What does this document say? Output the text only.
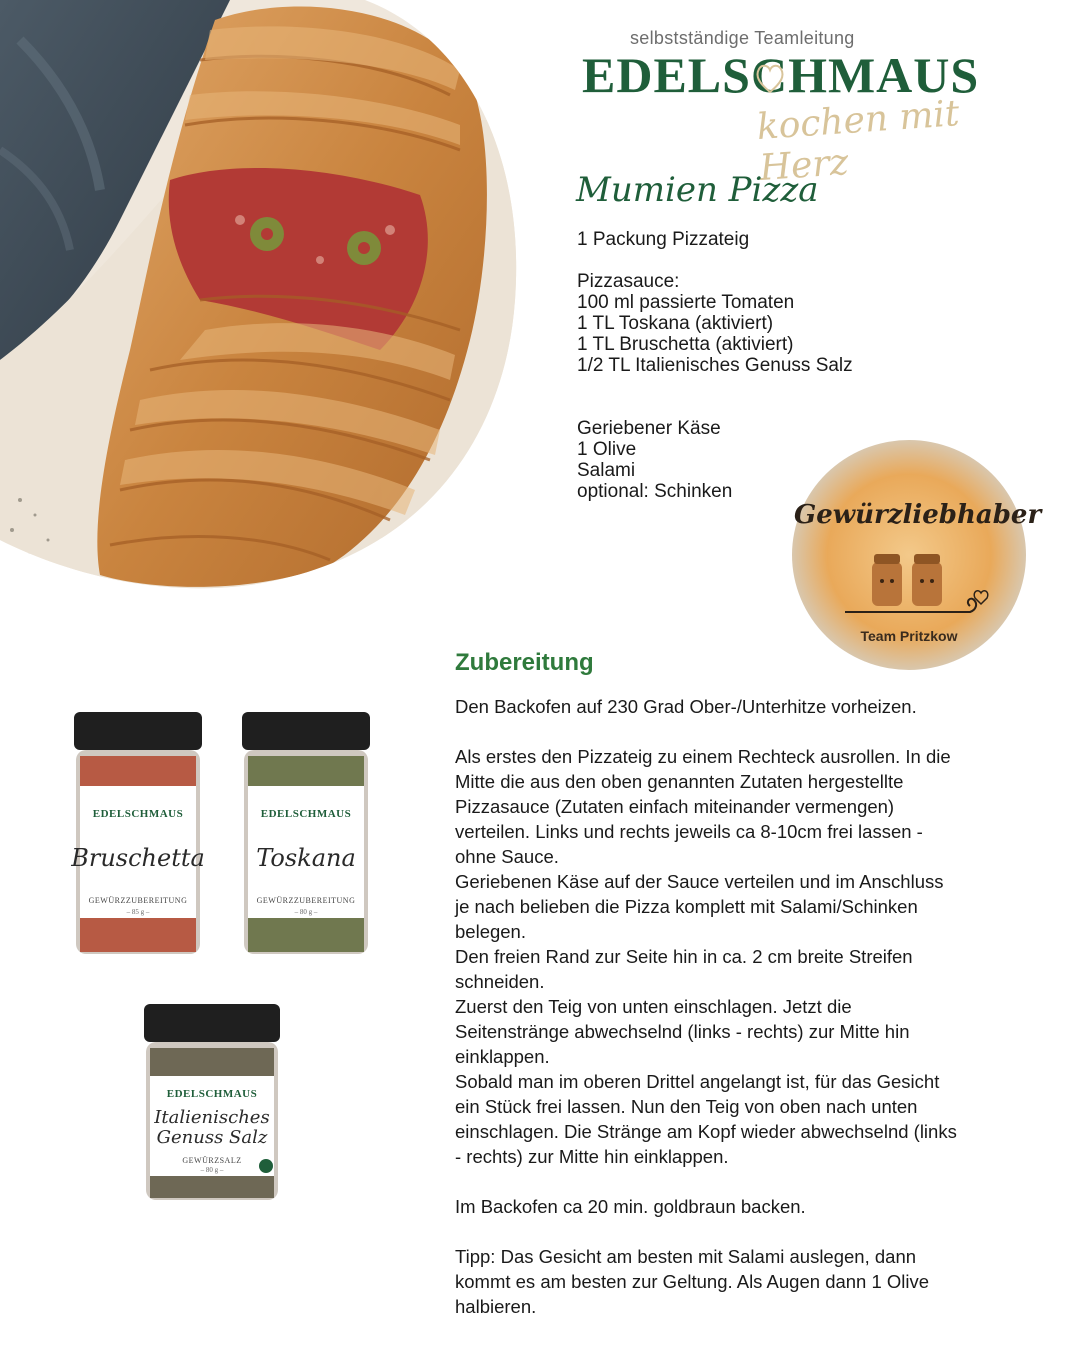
selbstständige Teamleitung
EDELSCHMAUS
kochen mit Herz
Mumien Pizza
1 Packung Pizzateig
Pizzasauce:
100 ml passierte Tomaten
1 TL Toskana (aktiviert)
1 TL Bruschetta (aktiviert)
1/2 TL Italienisches Genuss Salz
Geriebener Käse
1 Olive
Salami
optional: Schinken
Gewürzliebhaber
Team Pritzkow
EDELSCHMAUS
Bruschetta
GEWÜRZZUBEREITUNG
– 85 g –
EDELSCHMAUS
Toskana
GEWÜRZZUBEREITUNG
– 80 g –
EDELSCHMAUS
Italienisches
Genuss Salz
GEWÜRZSALZ
– 80 g –
Zubereitung

Den Backofen auf 230 Grad Ober-/Unterhitze vorheizen.

Als erstes den Pizzateig zu einem Rechteck ausrollen. In die

Mitte die aus den oben genannten Zutaten hergestellte

Pizzasauce (Zutaten einfach miteinander vermengen)

verteilen. Links und rechts jeweils ca 8-10cm frei lassen -

ohne Sauce.

Geriebenen Käse auf der Sauce verteilen und im Anschluss

je nach belieben die Pizza komplett mit Salami/Schinken

belegen.

Den freien Rand zur Seite hin in ca. 2 cm breite Streifen

schneiden.

Zuerst den Teig von unten einschlagen. Jetzt die

Seitenstränge abwechselnd (links - rechts) zur Mitte hin

einklappen.

Sobald man im oberen Drittel angelangt ist, für das Gesicht

ein Stück frei lassen. Nun den Teig von oben nach unten

einschlagen. Die Stränge am Kopf wieder abwechselnd (links

- rechts) zur Mitte hin einklappen.

Im Backofen ca 20 min. goldbraun backen.

Tipp: Das Gesicht am besten mit Salami auslegen, dann

kommt es am besten zur Geltung. Als Augen dann 1 Olive

halbieren.
